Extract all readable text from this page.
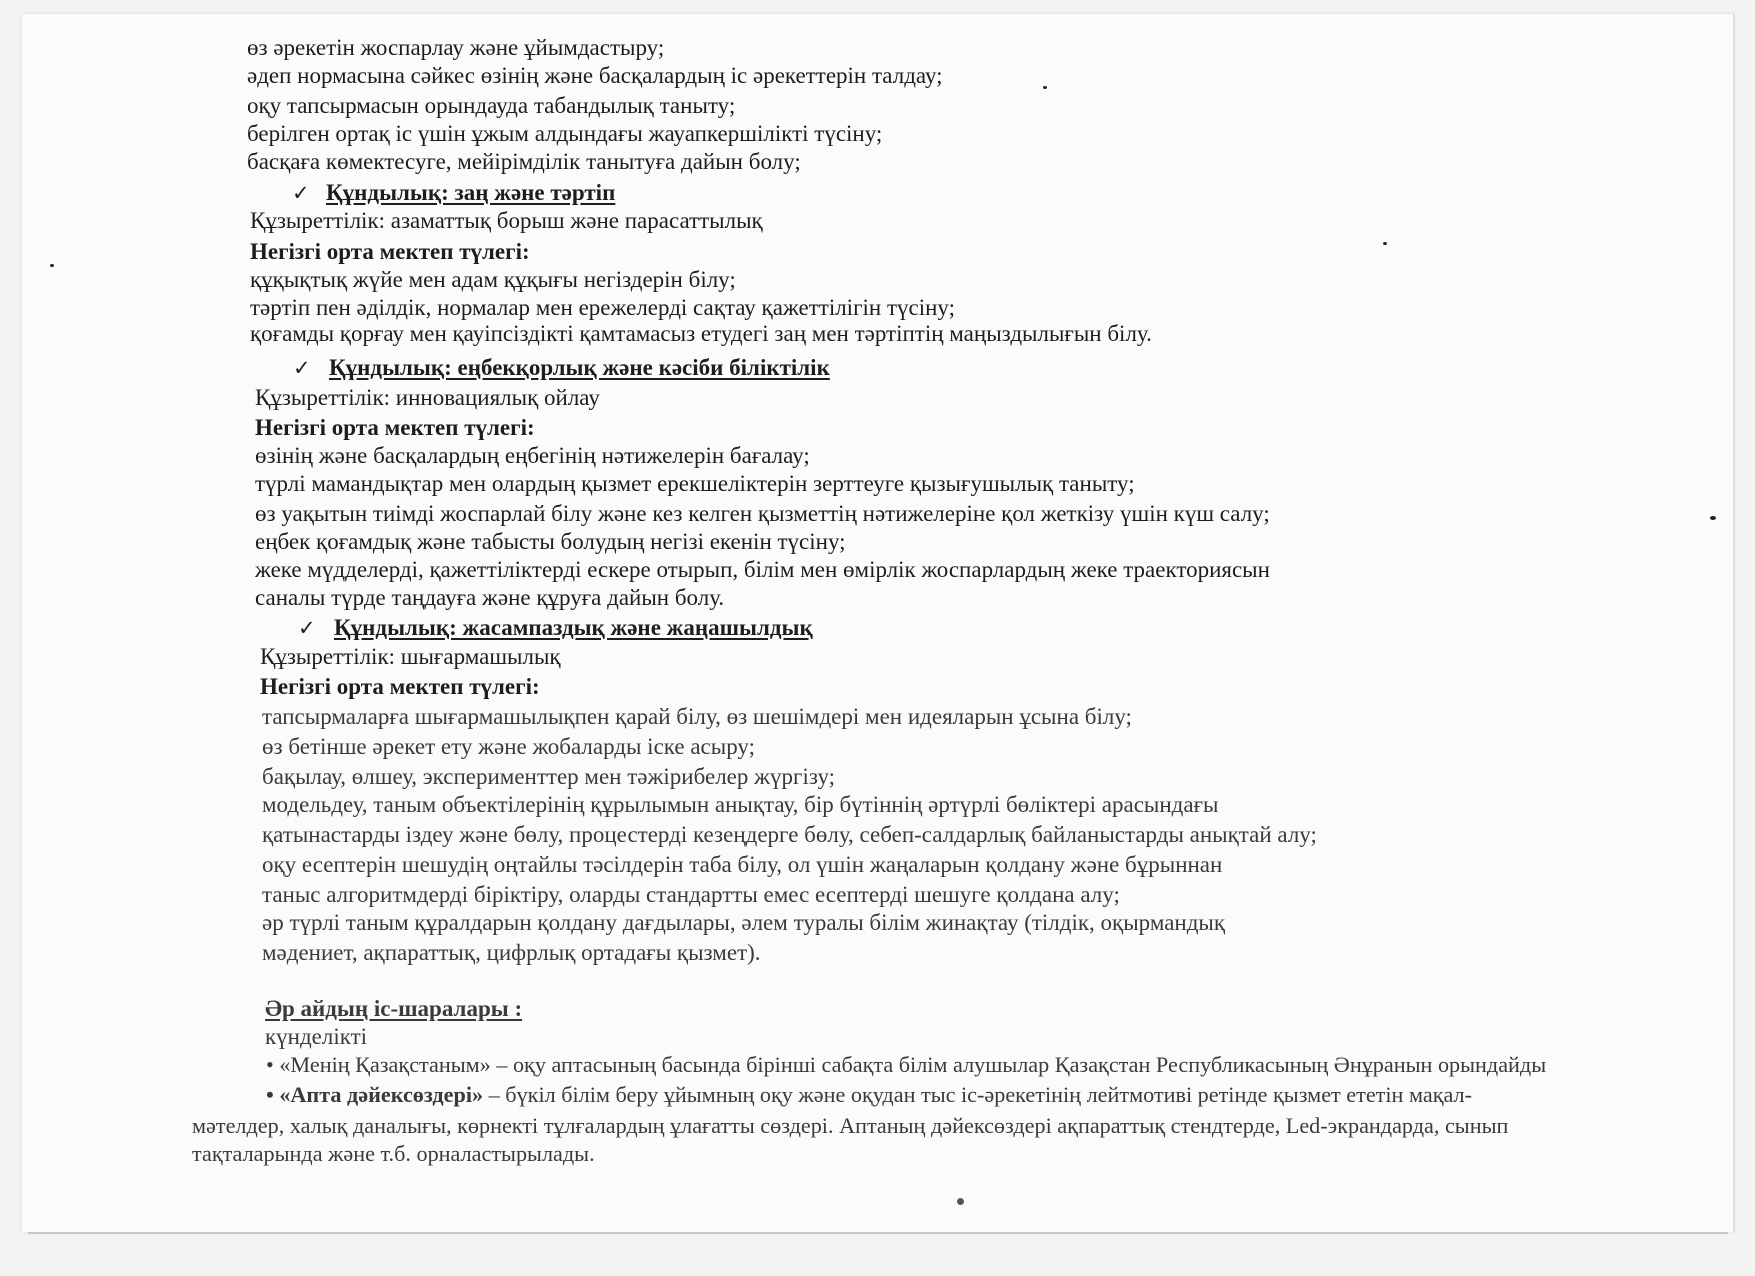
өз әрекетін жоспарлау және ұйымдастыру;
әдеп нормасына сәйкес өзінің және басқалардың іс әрекеттерін талдау;
оқу тапсырмасын орындауда табандылық таныту;
берілген ортақ іс үшін ұжым алдындағы жауапкершілікті түсіну;
басқаға көмектесуге, мейірімділік танытуға дайын болу;
✓ Құндылық: заң және тәртіп
Құзыреттілік: азаматтық борыш және парасаттылық
Негізгі орта мектеп түлегі:
құқықтық жүйе мен адам құқығы негіздерін білу;
тәртіп пен әділдік, нормалар мен ережелерді сақтау қажеттілігін түсіну;
қоғамды қорғау мен қауіпсіздікті қамтамасыз етудегі заң мен тәртіптің маңыздылығын білу.
✓ Құндылық: еңбекқорлық және кәсіби біліктілік
Құзыреттілік: инновациялық ойлау
Негізгі орта мектеп түлегі:
өзінің және басқалардың еңбегінің нәтижелерін бағалау;
түрлі мамандықтар мен олардың қызмет ерекшеліктерін зерттеуге қызығушылық таныту;
өз уақытын тиімді жоспарлай білу және кез келген қызметтің нәтижелеріне қол жеткізу үшін күш салу;
еңбек қоғамдық және табысты болудың негізі екенін түсіну;
жеке мүдделерді, қажеттіліктерді ескере отырып, білім мен өмірлік жоспарлардың жеке траекториясын
саналы түрде таңдауға және құруға дайын болу.
✓ Құндылық: жасампаздық және жаңашылдық
Құзыреттілік: шығармашылық
Негізгі орта мектеп түлегі:
тапсырмаларға шығармашылықпен қарай білу, өз шешімдері мен идеяларын ұсына білу;
өз бетінше әрекет ету және жобаларды іске асыру;
бақылау, өлшеу, эксперименттер мен тәжірибелер жүргізу;
модельдеу, таным объектілерінің құрылымын анықтау, бір бүтіннің әртүрлі бөліктері арасындағы
қатынастарды іздеу және бөлу, процестерді кезеңдерге бөлу, себеп-салдарлық байланыстарды анықтай алу;
оқу есептерін шешудің оңтайлы тәсілдерін таба білу, ол үшін жаңаларын қолдану және бұрыннан
таныс алгоритмдерді біріктіру, оларды стандартты емес есептерді шешуге қолдана алу;
әр түрлі таным құралдарын қолдану дағдылары, әлем туралы білім жинақтау (тілдік, оқырмандық
мәдениет, ақпараттық, цифрлық ортадағы қызмет).
Әр айдың іс-шаралары :
күнделікті
• «Менің Қазақстаным» – оқу аптасының басында бірінші сабақта білім алушылар Қазақстан Республикасының Әнұранын орындайды
• «Апта дәйексөздері» – бүкіл білім беру ұйымның оқу және оқудан тыс іс-әрекетінің лейтмотиві ретінде қызмет ететін мақал-
мәтелдер, халық даналығы, көрнекті тұлғалардың ұлағатты сөздері. Аптаның дәйексөздері ақпараттық стендтерде, Led-экрандарда, сынып
тақталарында және т.б. орналастырылады.
